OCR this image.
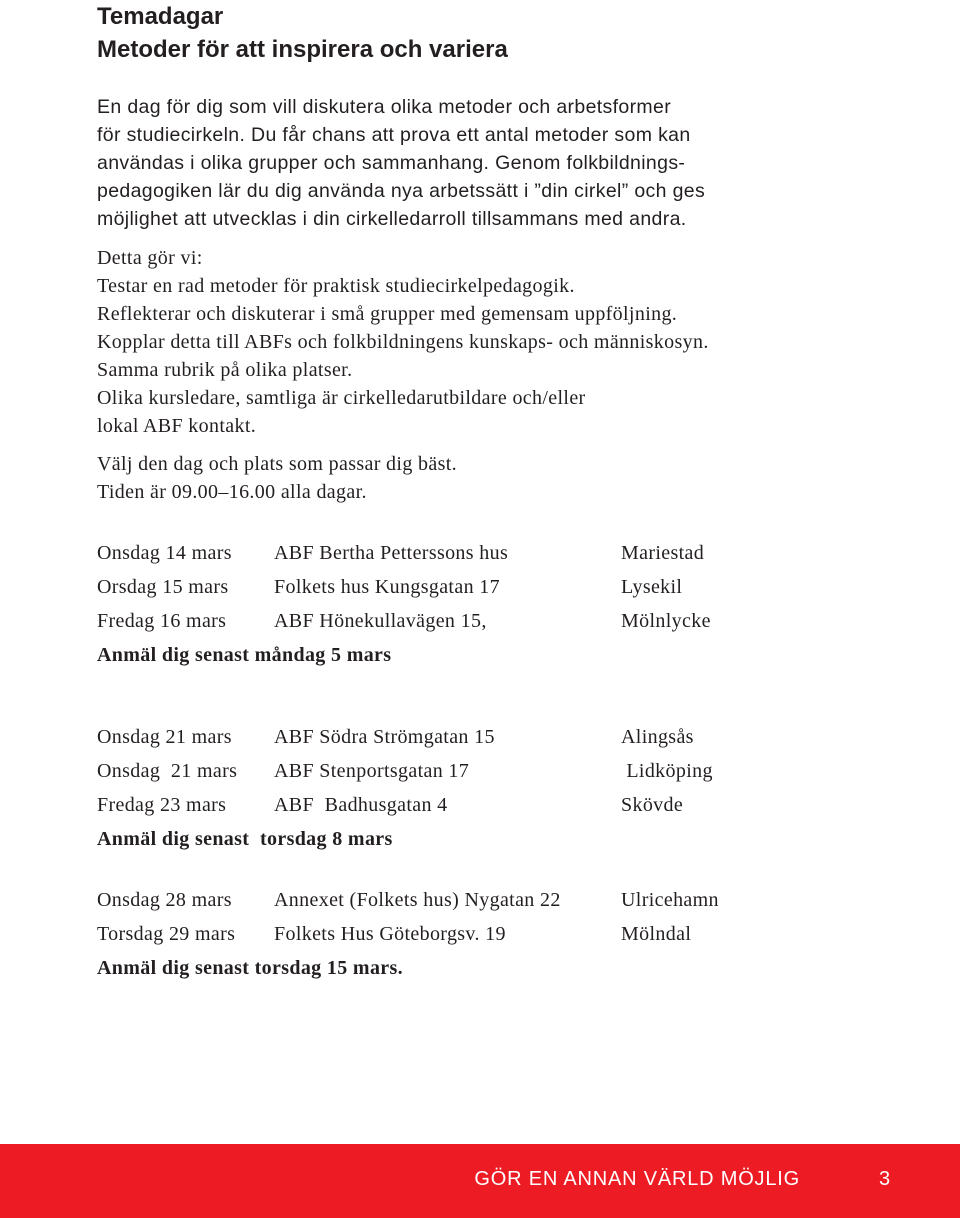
Temadagar
Metoder för att inspirera och variera
En dag för dig som vill diskutera olika metoder och arbetsformer
för studiecirkeln. Du får chans att prova ett antal metoder som kan
användas i olika grupper och sammanhang. Genom folkbildnings-
pedagogiken lär du dig använda nya arbetssätt i ”din cirkel” och ges
möjlighet att utvecklas i din cirkelledarroll tillsammans med andra.
Detta gör vi:
Testar en rad metoder för praktisk studiecirkelpedagogik.
Reflekterar och diskuterar i små grupper med gemensam uppföljning.
Kopplar detta till ABFs och folkbildningens kunskaps- och människosyn.
Samma rubrik på olika platser.
Olika kursledare, samtliga är cirkelledarutbildare och/eller
lokal ABF kontakt.
Välj den dag och plats som passar dig bäst.
Tiden är 09.00–16.00 alla dagar.
Onsdag 14 mars ABF Bertha Petterssons hus	Mariestad
Orsdag 15 mars Folkets hus Kungsgatan 17	Lysekil
Fredag 16 mars ABF Hönekullavägen 15,	Mölnlycke
Anmäl dig senast måndag 5 mars
Onsdag 21 mars ABF Södra Strömgatan 15	Alingsås
Onsdag  21 mars ABF Stenportsgatan 17	Lidköping
Fredag 23 mars ABF  Badhusgatan 4	Skövde
Anmäl dig senast  torsdag 8 mars
Onsdag 28 mars Annexet (Folkets hus) Nygatan 22	Ulricehamn
Torsdag 29 mars Folkets Hus Göteborgsv. 19	Mölndal
Anmäl dig senast torsdag 15 mars.
GÖR EN ANNAN VÄRLD MÖJLIG	3
